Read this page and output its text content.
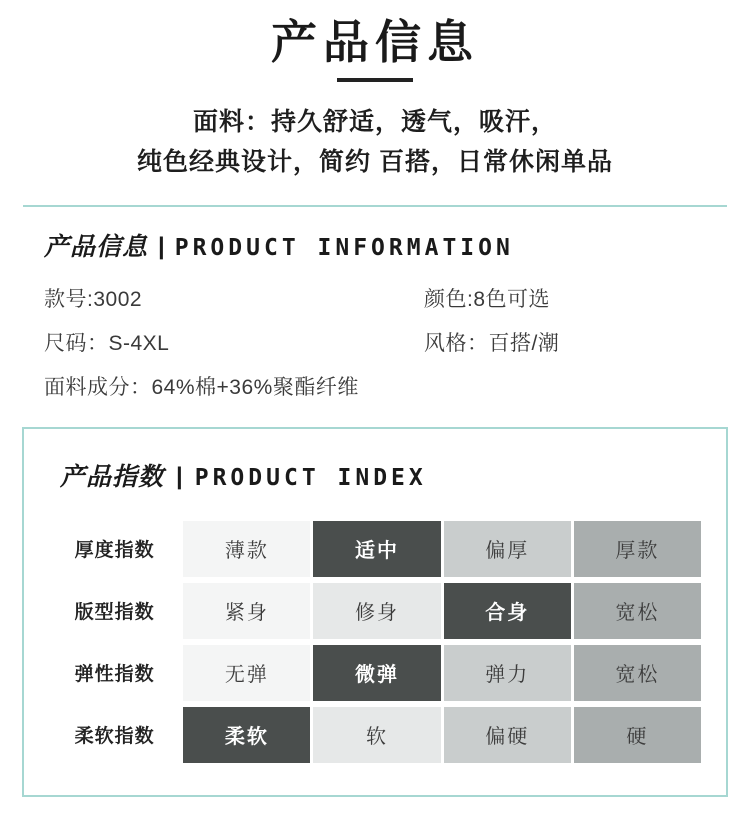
产品信息
面料：持久舒适，透气，吸汗，
纯色经典设计，简约 百搭，日常休闲单品
产品信息 | PRODUCT INFORMATION
款号:3002	颜色:8色可选
尺码：S-4XL	风格：百搭/潮
面料成分：64%棉+36%聚酯纤维
产品指数 | PRODUCT INDEX
厚度指数	薄款	适中	偏厚	厚款
版型指数	紧身	修身	合身	宽松
弹性指数	无弹	微弹	弹力	宽松
柔软指数	柔软	软	偏硬	硬
